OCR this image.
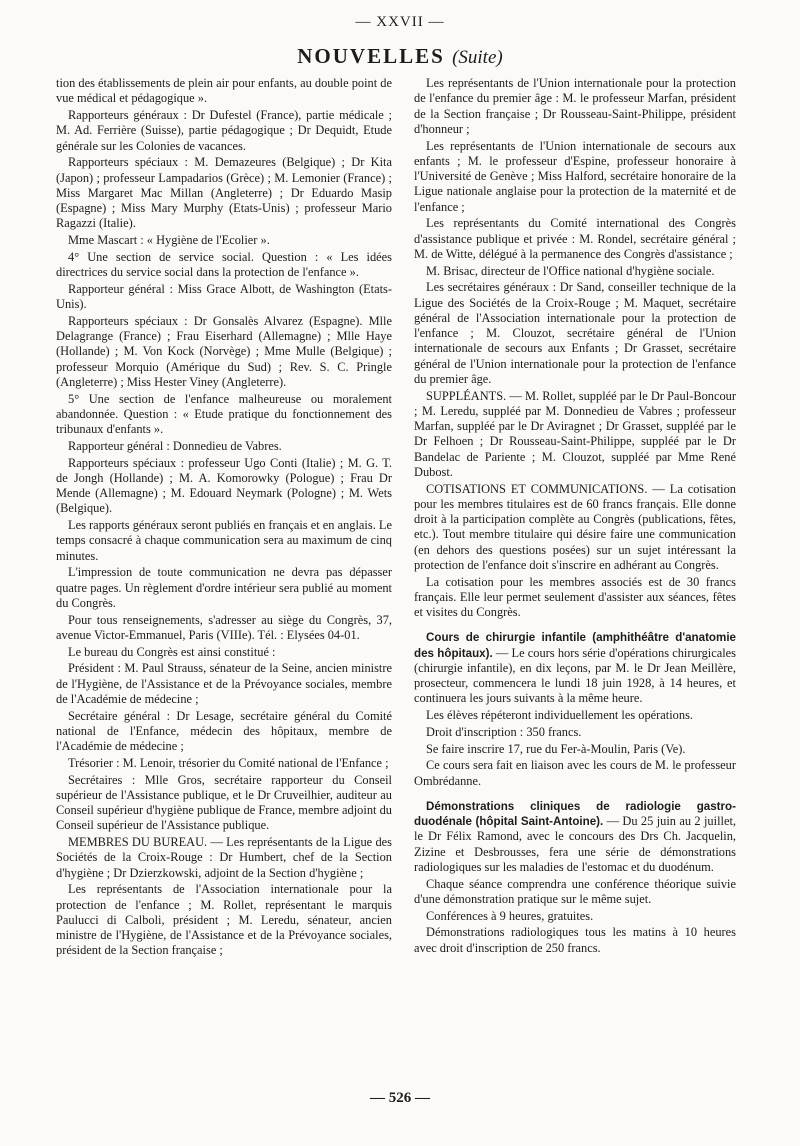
— XXVII —
NOUVELLES (Suite)

tion des établissements de plein air pour enfants, au double point de vue médical et pédagogique ».

Rapporteurs généraux : Dr Dufestel (France), partie médicale ; M. Ad. Ferrière (Suisse), partie pédagogique ; Dr Dequidt, Etude générale sur les Colonies de vacances.

Rapporteurs spéciaux : M. Demazeures (Belgique) ; Dr Kita (Japon) ; professeur Lampadarios (Grèce) ; M. Lemonier (France) ; Miss Margaret Mac Millan (Angleterre) ; Dr Eduardo Masip (Espagne) ; Miss Mary Murphy (Etats-Unis) ; professeur Mario Ragazzi (Italie).

Mme Mascart : « Hygiène de l'Ecolier ».

4° Une section de service social. Question : « Les idées directrices du service social dans la protection de l'enfance ».

Rapporteur général : Miss Grace Albott, de Washington (Etats-Unis).

Rapporteurs spéciaux : Dr Gonsalès Alvarez (Espagne). Mlle Delagrange (France) ; Frau Eiserhard (Allemagne) ; Mlle Haye (Hollande) ; M. Von Kock (Norvège) ; Mme Mulle (Belgique) ; professeur Morquio (Amérique du Sud) ; Rev. S. C. Pringle (Angleterre) ; Miss Hester Viney (Angleterre).

5° Une section de l'enfance malheureuse ou moralement abandonnée. Question : « Etude pratique du fonctionnement des tribunaux d'enfants ».

Rapporteur général : Donnedieu de Vabres.

Rapporteurs spéciaux : professeur Ugo Conti (Italie) ; M. G. T. de Jongh (Hollande) ; M. A. Komorowky (Pologue) ; Frau Dr Mende (Allemagne) ; M. Edouard Neymark (Pologne) ; M. Wets (Belgique).

Les rapports généraux seront publiés en français et en anglais. Le temps consacré à chaque communication sera au maximum de cinq minutes.

L'impression de toute communication ne devra pas dépasser quatre pages. Un règlement d'ordre intérieur sera publié au moment du Congrès.

Pour tous renseignements, s'adresser au siège du Congrès, 37, avenue Victor-Emmanuel, Paris (VIIIe). Tél. : Elysées 04-01.

Le bureau du Congrès est ainsi constitué :

Président : M. Paul Strauss, sénateur de la Seine, ancien ministre de l'Hygiène, de l'Assistance et de la Prévoyance sociales, membre de l'Académie de médecine ;

Secrétaire général : Dr Lesage, secrétaire général du Comité national de l'Enfance, médecin des hôpitaux, membre de l'Académie de médecine ;

Trésorier : M. Lenoir, trésorier du Comité national de l'Enfance ;

Secrétaires : Mlle Gros, secrétaire rapporteur du Conseil supérieur de l'Assistance publique, et le Dr Cruveilhier, auditeur au Conseil supérieur d'hygiène publique de France, membre adjoint du Conseil supérieur de l'Assistance publique.

MEMBRES DU BUREAU. — Les représentants de la Ligue des Sociétés de la Croix-Rouge : Dr Humbert, chef de la Section d'hygiène ; Dr Dzierzkowski, adjoint de la Section d'hygiène ;

Les représentants de l'Association internationale pour la protection de l'enfance ; M. Rollet, représentant le marquis Paulucci di Calboli, président ; M. Leredu, sénateur, ancien ministre de l'Hygiène, de l'Assistance et de la Prévoyance sociales, président de la Section française ;

Les représentants de l'Union internationale pour la protection de l'enfance du premier âge : M. le professeur Marfan, président de la Section française ; Dr Rousseau-Saint-Philippe, président d'honneur ;

Les représentants de l'Union internationale de secours aux enfants ; M. le professeur d'Espine, professeur honoraire à l'Université de Genève ; Miss Halford, secrétaire honoraire de la Ligue nationale anglaise pour la protection de la maternité et de l'enfance ;

Les représentants du Comité international des Congrès d'assistance publique et privée : M. Rondel, secrétaire général ; M. de Witte, délégué à la permanence des Congrès d'assistance ;

M. Brisac, directeur de l'Office national d'hygiène sociale.

Les secrétaires généraux : Dr Sand, conseiller technique de la Ligue des Sociétés de la Croix-Rouge ; M. Maquet, secrétaire général de l'Association internationale pour la protection de l'enfance ; M. Clouzot, secrétaire général de l'Union internationale de secours aux Enfants ; Dr Grasset, secrétaire général de l'Union internationale pour la protection de l'enfance du premier âge.

SUPPLÉANTS. — M. Rollet, suppléé par le Dr Paul-Boncour ; M. Leredu, suppléé par M. Donnedieu de Vabres ; professeur Marfan, suppléé par le Dr Aviragnet ; Dr Grasset, suppléé par le Dr Felhoen ; Dr Rousseau-Saint-Philippe, suppléé par le Dr Bandelac de Pariente ; M. Clouzot, suppléé par Mme René Dubost.

COTISATIONS ET COMMUNICATIONS. — La cotisation pour les membres titulaires est de 60 francs français. Elle donne droit à la participation complète au Congrès (publications, fêtes, etc.). Tout membre titulaire qui désire faire une communication (en dehors des questions posées) sur un sujet intéressant la protection de l'enfance doit s'inscrire en adhérant au Congrès.

La cotisation pour les membres associés est de 30 francs français. Elle leur permet seulement d'assister aux séances, fêtes et visites du Congrès.

Cours de chirurgie infantile (amphithéâtre d'anatomie des hôpitaux). — Le cours hors série d'opérations chirurgicales (chirurgie infantile), en dix leçons, par M. le Dr Jean Meillère, prosecteur, commencera le lundi 18 juin 1928, à 14 heures, et continuera les jours suivants à la même heure.

Les élèves répéteront individuellement les opérations.

Droit d'inscription : 350 francs.

Se faire inscrire 17, rue du Fer-à-Moulin, Paris (Ve).

Ce cours sera fait en liaison avec les cours de M. le professeur Ombrédanne.

Démonstrations cliniques de radiologie gastro-duodénale (hôpital Saint-Antoine). — Du 25 juin au 2 juillet, le Dr Félix Ramond, avec le concours des Drs Ch. Jacquelin, Zizine et Desbrousses, fera une série de démonstrations radiologiques sur les maladies de l'estomac et du duodénum.

Chaque séance comprendra une conférence théorique suivie d'une démonstration pratique sur le même sujet.

Conférences à 9 heures, gratuites.

Démonstrations radiologiques tous les matins à 10 heures avec droit d'inscription de 250 francs.

— 526 —
